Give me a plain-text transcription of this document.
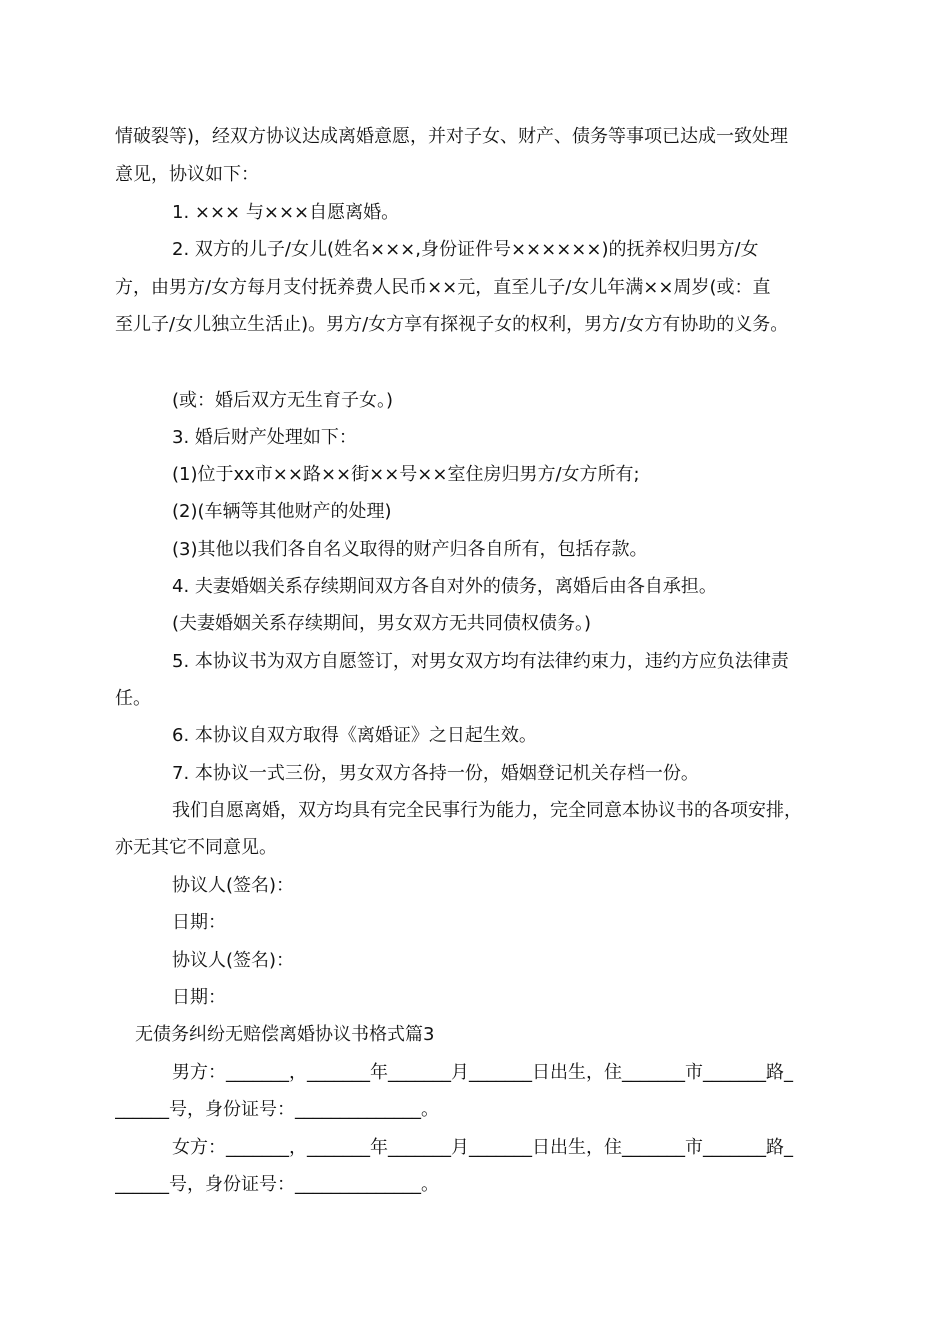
情破裂等)，经双方协议达成离婚意愿，并对子女、财产、债务等事项已达成一致处理
意见，协议如下：
1. ××× 与×××自愿离婚。
2. 双方的儿子/女儿(姓名×××,身份证件号××××××)的抚养权归男方/女
方，由男方/女方每月支付抚养费人民币××元，直至儿子/女儿年满××周岁(或：直
至儿子/女儿独立生活止)。男方/女方享有探视子女的权利，男方/女方有协助的义务。
(或：婚后双方无生育子女。)
3. 婚后财产处理如下：
(1)位于xx市××路××街××号××室住房归男方/女方所有;
(2)(车辆等其他财产的处理)
(3)其他以我们各自名义取得的财产归各自所有，包括存款。
4. 夫妻婚姻关系存续期间双方各自对外的债务，离婚后由各自承担。
(夫妻婚姻关系存续期间，男女双方无共同债权债务。)
5. 本协议书为双方自愿签订，对男女双方均有法律约束力，违约方应负法律责
任。
6. 本协议自双方取得《离婚证》之日起生效。
7. 本协议一式三份，男女双方各持一份，婚姻登记机关存档一份。
我们自愿离婚，双方均具有完全民事行为能力，完全同意本协议书的各项安排，
亦无其它不同意见。
协议人(签名)：
日期：
协议人(签名)：
日期：
无债务纠纷无赔偿离婚协议书格式篇3
男方：_______，_______年_______月_______日出生，住_______市_______路_
______号，身份证号：______________。
女方：_______，_______年_______月_______日出生，住_______市_______路_
______号，身份证号：______________。
